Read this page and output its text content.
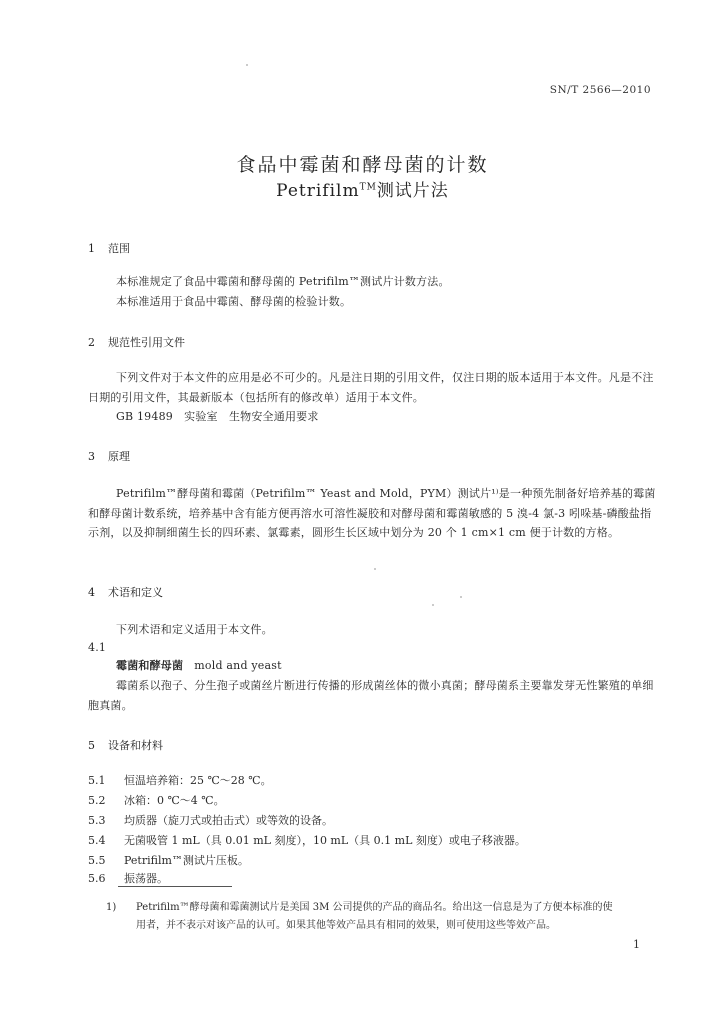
SN/T 2566—2010
食品中霉菌和酵母菌的计数
Petrifilm™测试片法
1 范围
本标准规定了食品中霉菌和酵母菌的 Petrifilm™测试片计数方法。
本标准适用于食品中霉菌、酵母菌的检验计数。
2 规范性引用文件
下列文件对于本文件的应用是必不可少的。凡是注日期的引用文件，仅注日期的版本适用于本文件。凡是不注日期的引用文件，其最新版本（包括所有的修改单）适用于本文件。
GB 19489　实验室　生物安全通用要求
3 原理
Petrifilm™酵母菌和霉菌（Petrifilm™ Yeast and Mold，PYM）测试片¹⁾是一种预先制备好培养基的霉菌和酵母菌计数系统，培养基中含有能方便再溶水可溶性凝胶和对酵母菌和霉菌敏感的 5 溴-4 氯-3 吲哚基-磷酸盐指示剂，以及抑制细菌生长的四环素、氯霉素，圆形生长区域中划分为 20 个 1 cm×1 cm 便于计数的方格。
4 术语和定义
下列术语和定义适用于本文件。
4.1
霉菌和酵母菌 mold and yeast
霉菌系以孢子、分生孢子或菌丝片断进行传播的形成菌丝体的微小真菌；酵母菌系主要靠发芽无性繁殖的单细胞真菌。
5 设备和材料
5.1 恒温培养箱：25 ℃～28 ℃。
5.2 冰箱：0 ℃～4 ℃。
5.3 均质器（旋刀式或拍击式）或等效的设备。
5.4 无菌吸管 1 mL（具 0.01 mL 刻度），10 mL（具 0.1 mL 刻度）或电子移液器。
5.5 Petrifilm™测试片压板。
5.6 振荡器。
1) Petrifilm™酵母菌和霉菌测试片是美国 3M 公司提供的产品的商品名。给出这一信息是为了方便本标准的使
用者，并不表示对该产品的认可。如果其他等效产品具有相同的效果，则可使用这些等效产品。
1
